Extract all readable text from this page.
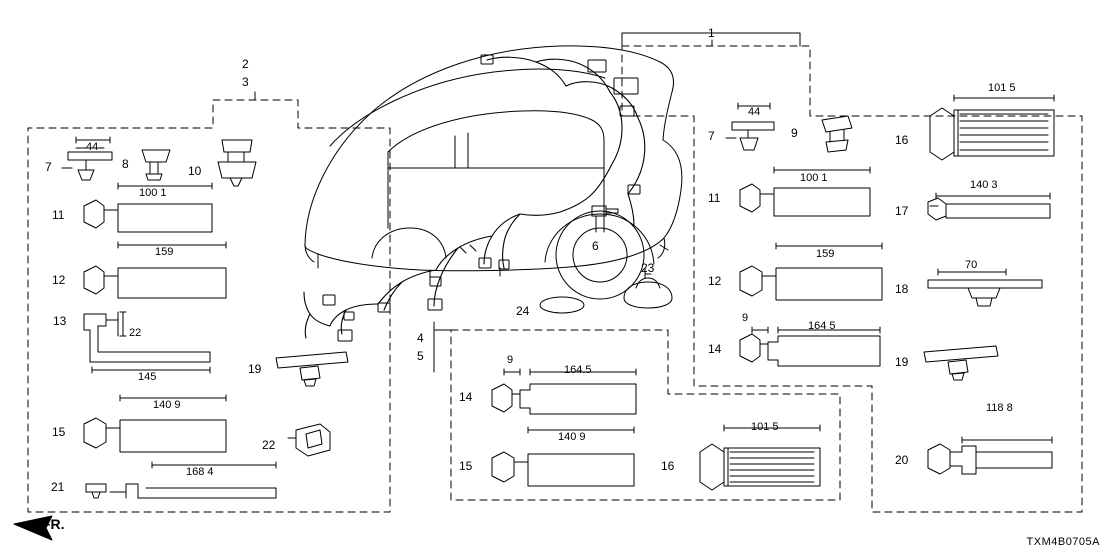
1
2
3
7	8	10
11
12
13
15
19
21
22
4
5
14
15	16
24
23
6
7	9	16
11
17
12
18
14
19
20
44
100 1
159
22
145
140 9
168 4
9
164.5
140 9
101 5
44
101 5
100 1
140 3
159
70
9
164 5
118 8
FR.
TXM4B0705A
